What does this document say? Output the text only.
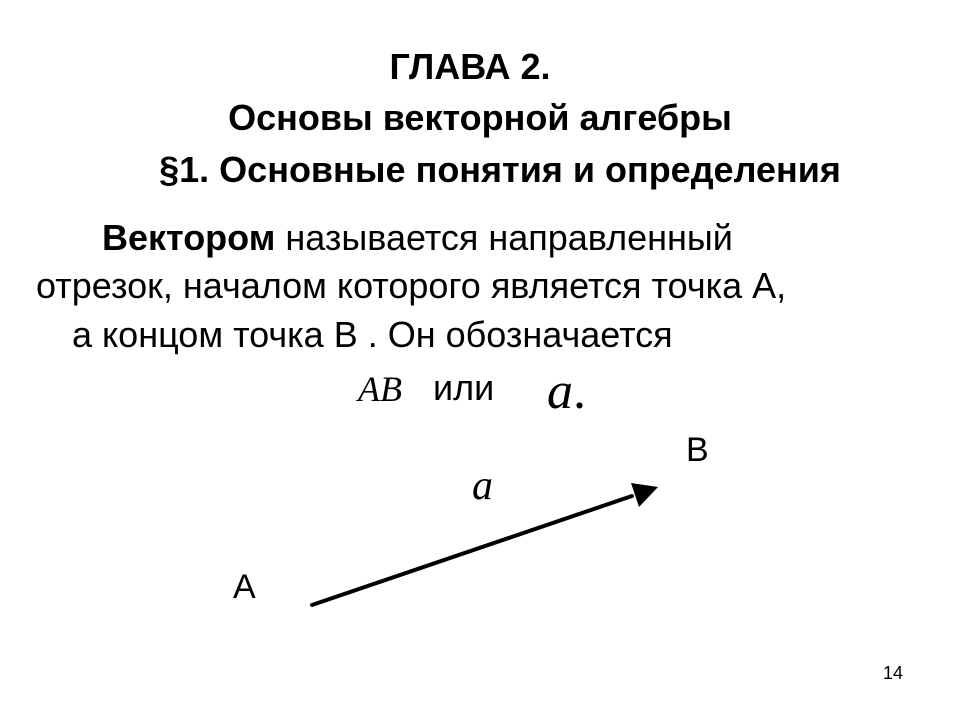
ГЛАВА 2.
Основы векторной алгебры
§1. Основные понятия и определения
Вектором называется направленный
отрезок, началом которого является точка А,
а концом точка В . Он обозначается
AB или a.
a
A
B
14
